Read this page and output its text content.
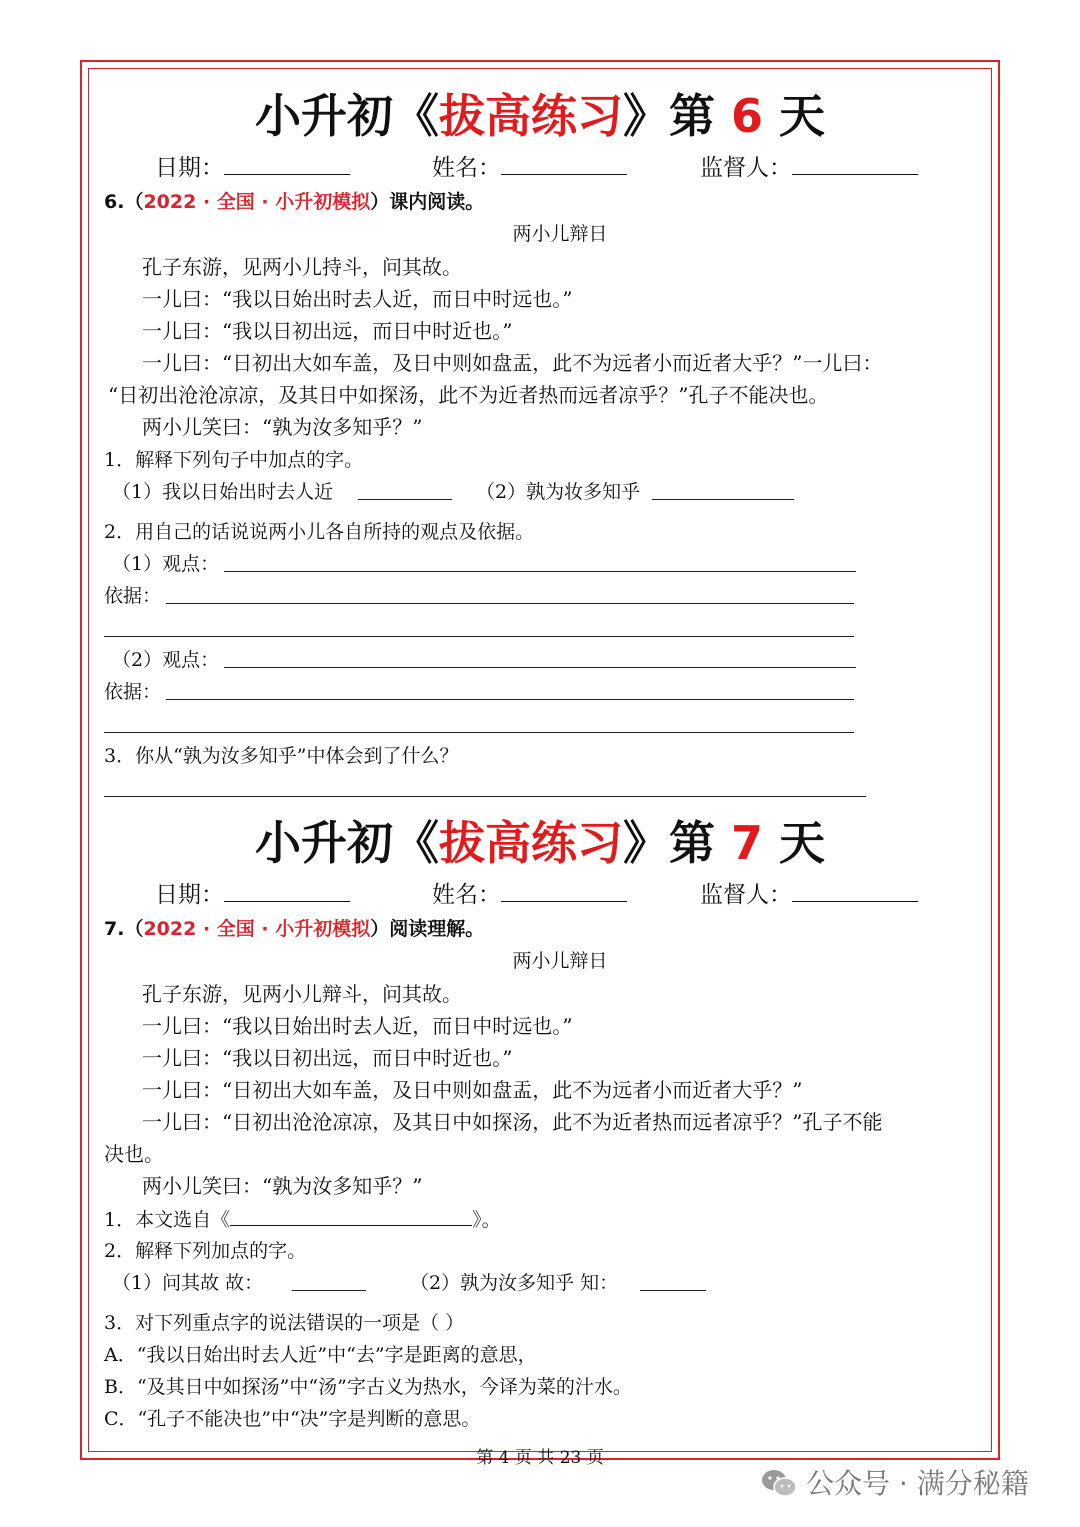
小升初《拔高练习》第 6 天
日期：	姓名：	监督人：
6.（2022 · 全国 · 小升初模拟）课内阅读。
两小儿辩日
孔子东游，见两小儿持斗，问其故。
一儿曰：“我以日始出时去人近，而日中时远也。”
一儿曰：“我以日初出远，而日中时近也。”
一儿曰：“日初出大如车盖，及日中则如盘盂，此不为远者小而近者大乎？”一儿曰：
“日初出沧沧凉凉，及其日中如探汤，此不为近者热而远者凉乎？”孔子不能决也。
两小儿笑曰：“孰为汝多知乎？”
1．解释下列句子中加点的字。
（1）我以日始出时去人近	（2）孰为妆多知乎
2．用自己的话说说两小儿各自所持的观点及依据。
（1）观点：
依据：
（2）观点：
依据：
3．你从“孰为汝多知乎”中体会到了什么？
小升初《拔高练习》第 7 天
日期：	姓名：	监督人：
7.（2022 · 全国 · 小升初模拟）阅读理解。
两小儿辩日
孔子东游，见两小儿辩斗，问其故。
一儿曰：“我以日始出时去人近，而日中时远也。”
一儿曰：“我以日初出远，而日中时近也。”
一儿曰：“日初出大如车盖，及日中则如盘盂，此不为远者小而近者大乎？”
一儿曰：“日初出沧沧凉凉，及其日中如探汤，此不为近者热而远者凉乎？”孔子不能
决也。
两小儿笑曰：“孰为汝多知乎？”
1．本文选自《	》。
2．解释下列加点的字。
（1）问其故 故：	（2）孰为汝多知乎 知：
3．对下列重点字的说法错误的一项是（ ）
A．“我以日始出时去人近”中“去”字是距离的意思，
B．“及其日中如探汤”中“汤”字古义为热水，今译为菜的汁水。
C．“孔子不能决也”中“决”字是判断的意思。
第 4 页 共 23 页
公众号 · 满分秘籍
